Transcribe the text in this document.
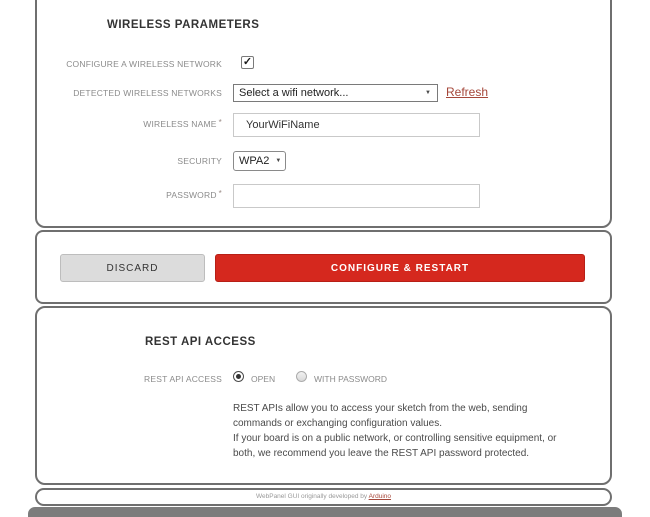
WIRELESS PARAMETERS
CONFIGURE A WIRELESS NETWORK ✓
DETECTED WIRELESS NETWORKS Select a wifi network...	▼ Refresh
WIRELESS NAME *
YourWiFiName
SECURITY WPA2 ▼
PASSWORD *
DISCARD	CONFIGURE & RESTART
REST API ACCESS
REST API ACCESS	OPEN	WITH PASSWORD
REST APIs allow you to access your sketch from the web, sending
commands or exchanging configuration values.
If your board is on a public network, or controlling sensitive equipment, or
both, we recommend you leave the REST API password protected.
WebPanel GUI originally developed by Arduino
